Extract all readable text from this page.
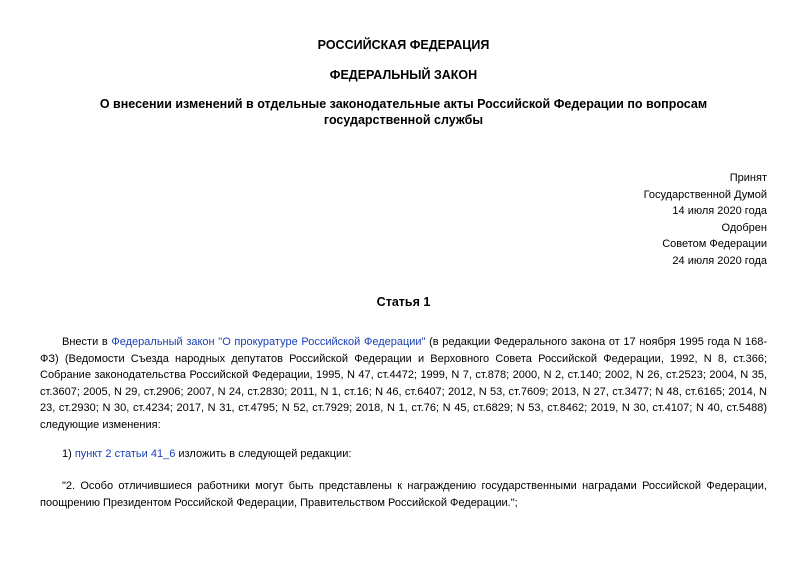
РОССИЙСКАЯ ФЕДЕРАЦИЯ
ФЕДЕРАЛЬНЫЙ ЗАКОН
О внесении изменений в отдельные законодательные акты Российской Федерации по вопросам государственной службы
Принят
Государственной Думой
14 июля 2020 года
Одобрен
Советом Федерации
24 июля 2020 года
Статья 1
Внести в Федеральный закон "О прокуратуре Российской Федерации" (в редакции Федерального закона от 17 ноября 1995 года N 168-ФЗ) (Ведомости Съезда народных депутатов Российской Федерации и Верховного Совета Российской Федерации, 1992, N 8, ст.366; Собрание законодательства Российской Федерации, 1995, N 47, ст.4472; 1999, N 7, ст.878; 2000, N 2, ст.140; 2002, N 26, ст.2523; 2004, N 35, ст.3607; 2005, N 29, ст.2906; 2007, N 24, ст.2830; 2011, N 1, ст.16; N 46, ст.6407; 2012, N 53, ст.7609; 2013, N 27, ст.3477; N 48, ст.6165; 2014, N 23, ст.2930; N 30, ст.4234; 2017, N 31, ст.4795; N 52, ст.7929; 2018, N 1, ст.76; N 45, ст.6829; N 53, ст.8462; 2019, N 30, ст.4107; N 40, ст.5488) следующие изменения:
1) пункт 2 статьи 41_6 изложить в следующей редакции:
"2. Особо отличившиеся работники могут быть представлены к награждению государственными наградами Российской Федерации, поощрению Президентом Российской Федерации, Правительством Российской Федерации.";
